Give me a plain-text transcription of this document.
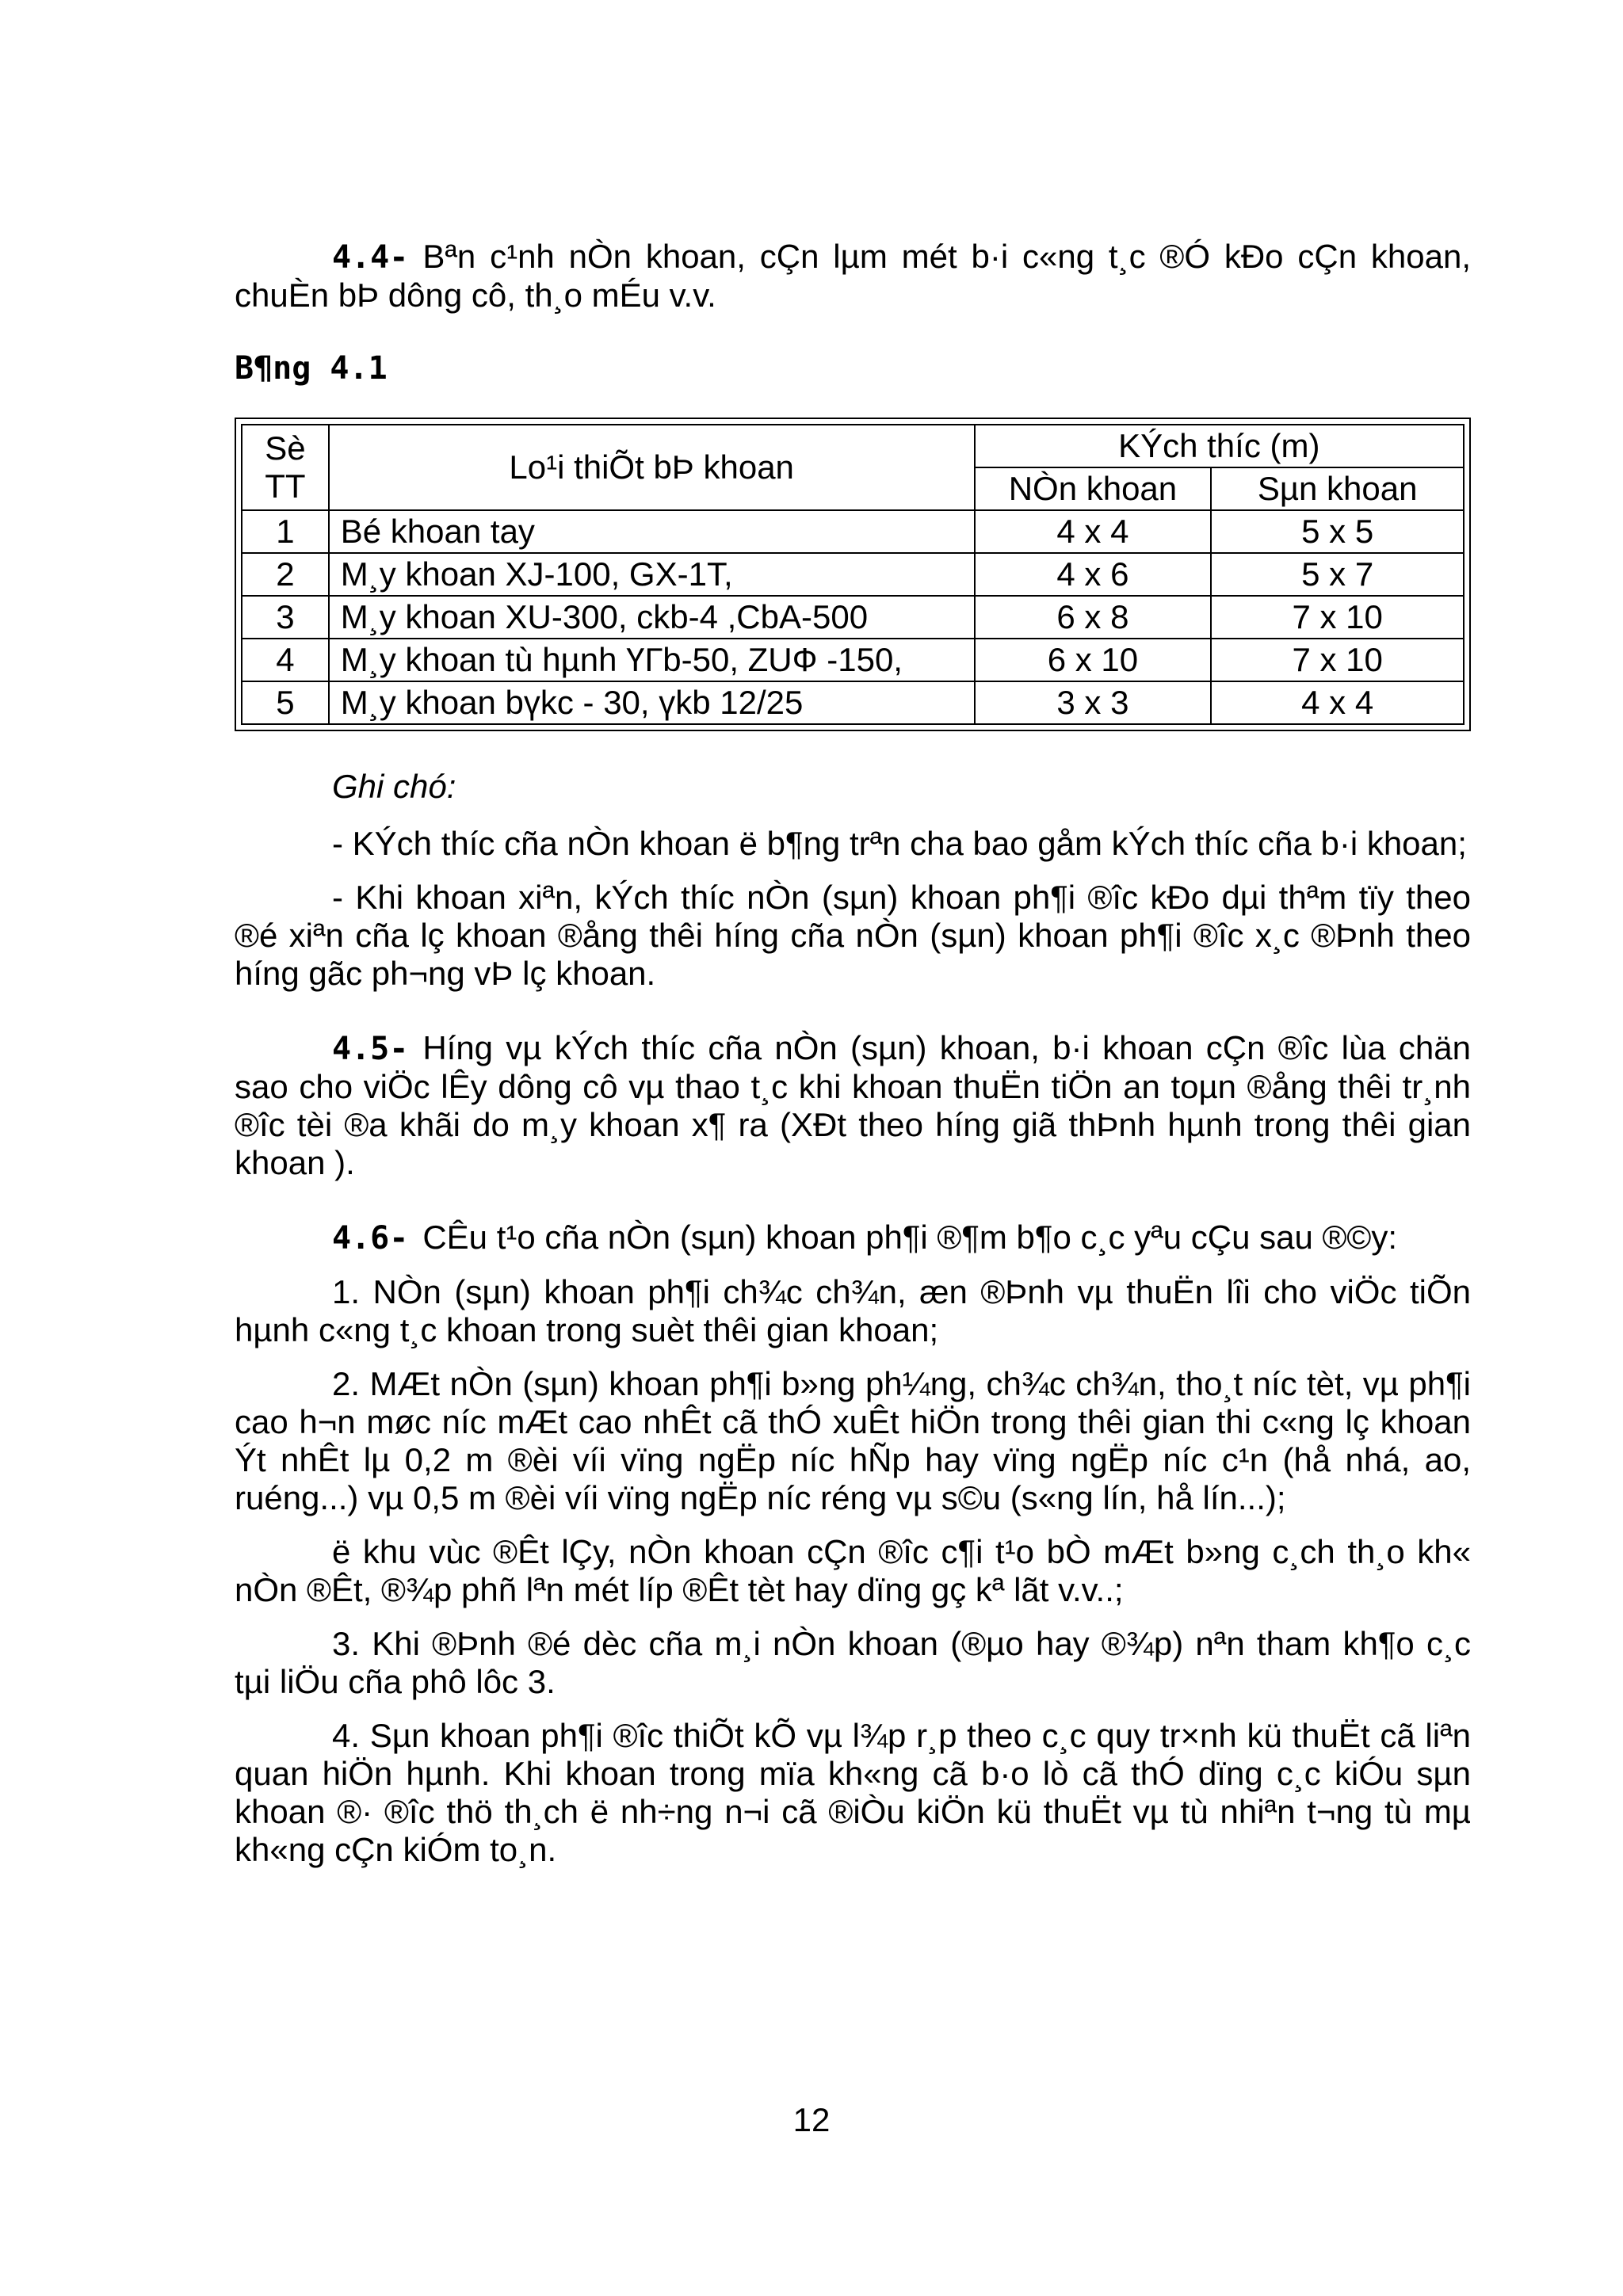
4.4- Bªn c¹nh nÒn khoan, cÇn lµm mét b·i c«ng t¸c ®Ó kÐo cÇn khoan, chuÈn bÞ dông cô, th¸o mÉu v.v.

B¶ng 4.1
Sè TT	Lo¹i thiÕt bÞ khoan	KÝch thíc (m)	
		NÒn khoan	Sµn khoan
1	Bé khoan tay	4 x 4	5 x 5
2	M¸y khoan XJ-100, GX-1T,	4 x 6	5 x 7
3	M¸y khoan XU-300, ckb-4 ,CbA-500	6 x 8	7 x 10
4	M¸y khoan tù hµnh ҮГb-50, ZUФ -150,	6 x 10	7 x 10
5	M¸y khoan bүkc - 30, үkb 12/25	3 x 3	4 x 4

Ghi chó:

- KÝch thíc cña nÒn khoan ë b¶ng trªn cha bao gåm kÝch thíc cña b·i khoan;

- Khi khoan xiªn, kÝch thíc nÒn (sµn) khoan ph¶i ®îc kÐo dµi thªm tïy theo ®é xiªn cña lç khoan ®ång thêi híng cña nÒn (sµn) khoan ph¶i ®îc x¸c ®Þnh theo híng gãc ph¬ng vÞ lç khoan.

4.5- Híng vµ kÝch thíc cña nÒn (sµn) khoan, b·i khoan cÇn ®îc lùa chän sao cho viÖc lÊy dông cô vµ thao t¸c khi khoan thuËn tiÖn an toµn ®ång thêi tr¸nh ®îc tèi ®a khãi do m¸y khoan x¶ ra (XÐt theo híng giã thÞnh hµnh trong thêi gian khoan ).

4.6- CÊu t¹o cña nÒn (sµn) khoan ph¶i ®¶m b¶o c¸c yªu cÇu sau ®©y:

1. NÒn (sµn) khoan ph¶i ch¾c ch¾n, æn ®Þnh vµ thuËn lîi cho viÖc tiÕn hµnh c«ng t¸c khoan trong suèt thêi gian khoan;

2. MÆt nÒn (sµn) khoan ph¶i b»ng ph¼ng, ch¾c ch¾n, tho¸t níc tèt, vµ ph¶i cao h¬n møc níc mÆt cao nhÊt cã thÓ xuÊt hiÖn trong thêi gian thi c«ng lç khoan Ýt nhÊt lµ 0,2 m ®èi víi vïng ngËp níc hÑp hay vïng ngËp níc c¹n (hå nhá, ao, ruéng...) vµ 0,5 m ®èi víi vïng ngËp níc réng vµ s©u (s«ng lín, hå lín...);

ë khu vùc ®Êt lÇy, nÒn khoan cÇn ®îc c¶i t¹o bÒ mÆt b»ng c¸ch th¸o kh« nÒn ®Êt, ®¾p phñ lªn mét líp ®Êt tèt hay dïng gç kª lãt v.v..;

3. Khi ®Þnh ®é dèc cña m¸i nÒn khoan (®µo hay ®¾p) nªn tham kh¶o c¸c tµi liÖu cña phô lôc 3.

4. Sµn khoan ph¶i ®îc thiÕt kÕ vµ l¾p r¸p theo c¸c quy tr×nh kü thuËt cã liªn quan hiÖn hµnh. Khi khoan trong mïa kh«ng cã b·o lò cã thÓ dïng c¸c kiÓu sµn khoan ®· ®îc thö th¸ch ë nh÷ng n¬i cã ®iÒu kiÖn kü thuËt vµ tù nhiªn t¬ng tù mµ kh«ng cÇn kiÓm to¸n.

12
